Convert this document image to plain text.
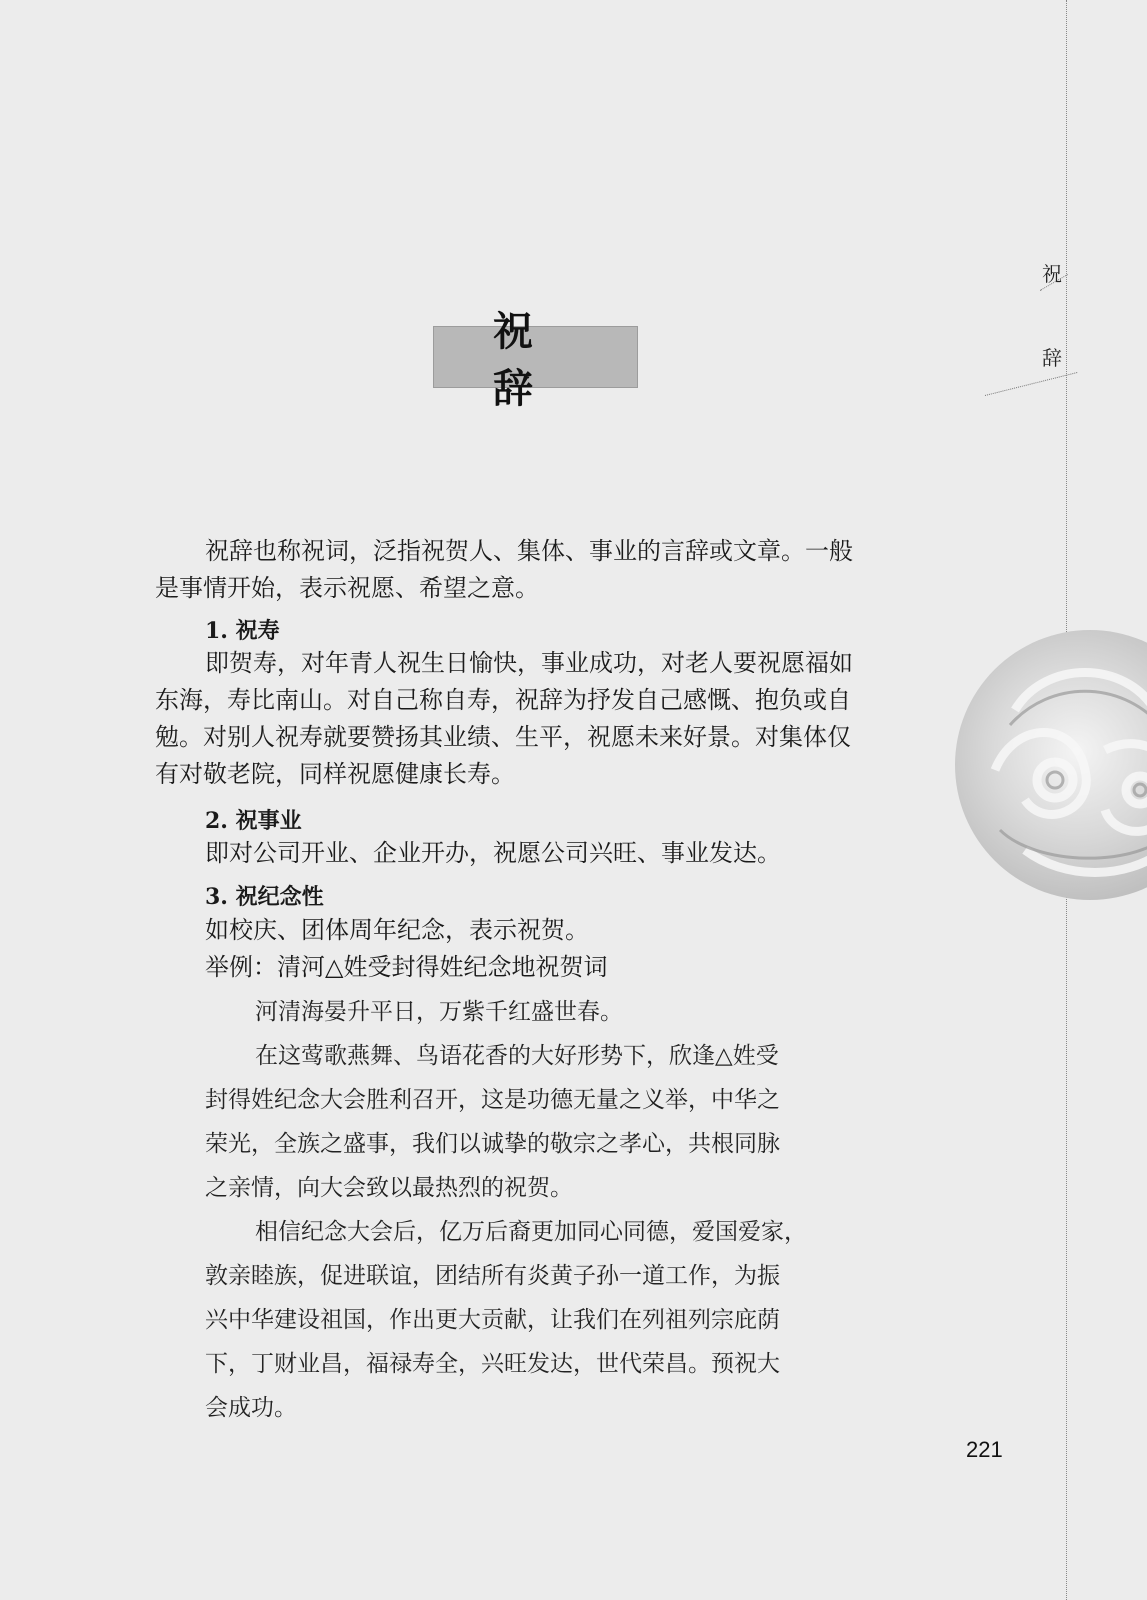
祝
辞
祝辞
祝辞也称祝词，泛指祝贺人、集体、事业的言辞或文章。一般
是事情开始，表示祝愿、希望之意。
1. 祝寿
即贺寿，对年青人祝生日愉快，事业成功，对老人要祝愿福如
东海，寿比南山。对自己称自寿，祝辞为抒发自己感慨、抱负或自
勉。对别人祝寿就要赞扬其业绩、生平，祝愿未来好景。对集体仅
有对敬老院，同样祝愿健康长寿。
2. 祝事业
即对公司开业、企业开办，祝愿公司兴旺、事业发达。
3. 祝纪念性
如校庆、团体周年纪念，表示祝贺。
举例：清河△姓受封得姓纪念地祝贺词
河清海晏升平日，万紫千红盛世春。
在这莺歌燕舞、鸟语花香的大好形势下，欣逢△姓受
封得姓纪念大会胜利召开，这是功德无量之义举，中华之
荣光，全族之盛事，我们以诚挚的敬宗之孝心，共根同脉
之亲情，向大会致以最热烈的祝贺。
相信纪念大会后，亿万后裔更加同心同德，爱国爱家，
敦亲睦族，促进联谊，团结所有炎黄子孙一道工作，为振
兴中华建设祖国，作出更大贡献，让我们在列祖列宗庇荫
下，丁财业昌，福禄寿全，兴旺发达，世代荣昌。预祝大
会成功。
221
